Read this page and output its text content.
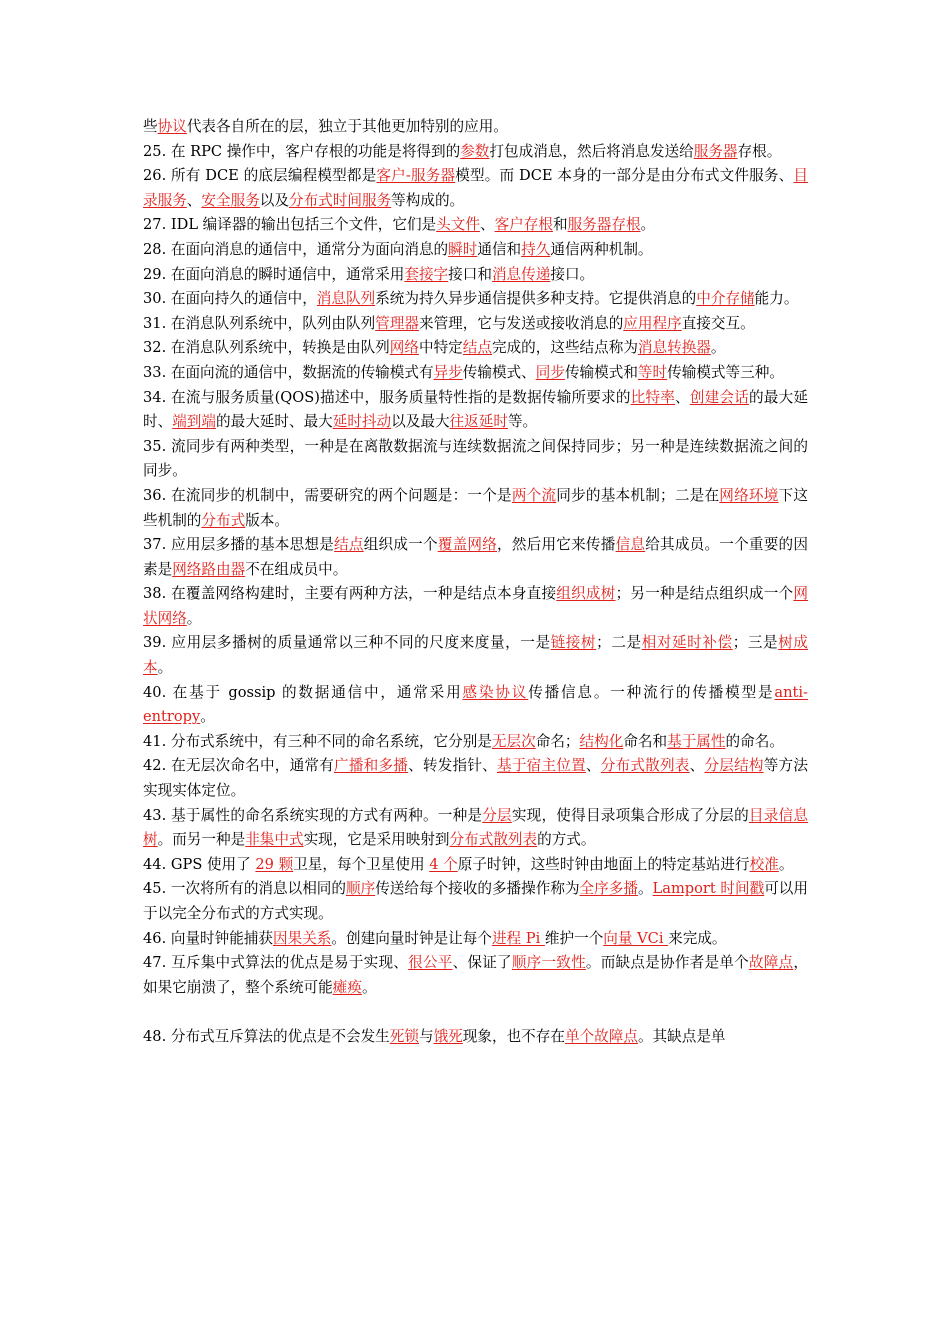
些协议代表各自所在的层，独立于其他更加特别的应用。

25. 在 RPC 操作中，客户存根的功能是将得到的参数打包成消息，然后将消息发送给服务器存根。

26. 所有 DCE 的底层编程模型都是客户-服务器模型。而 DCE 本身的一部分是由分布式文件服务、目录服务、安全服务以及分布式时间服务等构成的。

27. IDL 编译器的输出包括三个文件，它们是头文件、客户存根和服务器存根。

28. 在面向消息的通信中，通常分为面向消息的瞬时通信和持久通信两种机制。

29. 在面向消息的瞬时通信中，通常采用套接字接口和消息传递接口。

30. 在面向持久的通信中，消息队列系统为持久异步通信提供多种支持。它提供消息的中介存储能力。

31. 在消息队列系统中，队列由队列管理器来管理，它与发送或接收消息的应用程序直接交互。

32. 在消息队列系统中，转换是由队列网络中特定结点完成的，这些结点称为消息转换器。

33. 在面向流的通信中，数据流的传输模式有异步传输模式、同步传输模式和等时传输模式等三种。

34. 在流与服务质量(QOS)描述中，服务质量特性指的是数据传输所要求的比特率、创建会话的最大延时、端到端的最大延时、最大延时抖动以及最大往返延时等。

35. 流同步有两种类型，一种是在离散数据流与连续数据流之间保持同步；另一种是连续数据流之间的同步。

36. 在流同步的机制中，需要研究的两个问题是：一个是两个流同步的基本机制；二是在网络环境下这些机制的分布式版本。

37. 应用层多播的基本思想是结点组织成一个覆盖网络，然后用它来传播信息给其成员。一个重要的因素是网络路由器不在组成员中。

38. 在覆盖网络构建时，主要有两种方法，一种是结点本身直接组织成树；另一种是结点组织成一个网状网络。

39. 应用层多播树的质量通常以三种不同的尺度来度量，一是链接树；二是相对延时补偿；三是树成本。

40. 在基于 gossip 的数据通信中，通常采用感染协议传播信息。一种流行的传播模型是anti-entropy。

41. 分布式系统中，有三种不同的命名系统，它分别是无层次命名；结构化命名和基于属性的命名。

42. 在无层次命名中，通常有广播和多播、转发指针、基于宿主位置、分布式散列表、分层结构等方法实现实体定位。

43. 基于属性的命名系统实现的方式有两种。一种是分层实现，使得目录项集合形成了分层的目录信息树。而另一种是非集中式实现，它是采用映射到分布式散列表的方式。

44. GPS 使用了 29 颗卫星，每个卫星使用 4 个原子时钟，这些时钟由地面上的特定基站进行校准。

45. 一次将所有的消息以相同的顺序传送给每个接收的多播操作称为全序多播。Lamport 时间戳可以用于以完全分布式的方式实现。

46. 向量时钟能捕获因果关系。创建向量时钟是让每个进程 Pi 维护一个向量 VCi 来完成。

47. 互斥集中式算法的优点是易于实现、很公平、保证了顺序一致性。而缺点是协作者是单个故障点，如果它崩溃了，整个系统可能瘫痪。

48. 分布式互斥算法的优点是不会发生死锁与饿死现象，也不存在单个故障点。其缺点是单
